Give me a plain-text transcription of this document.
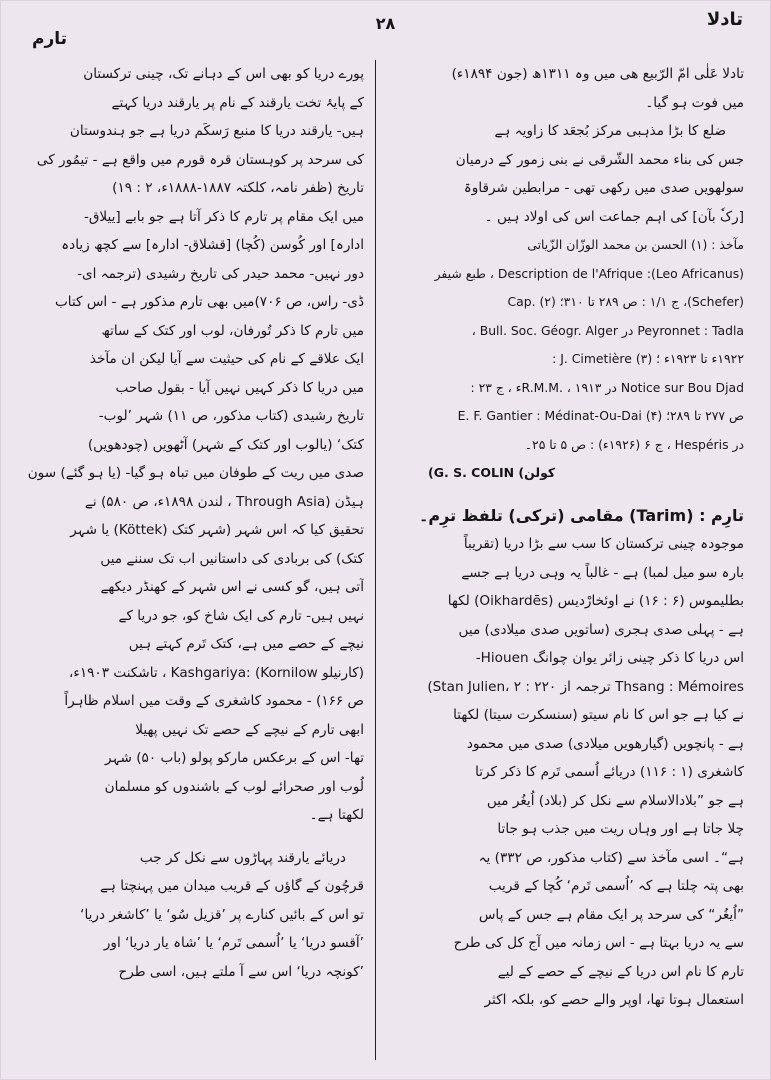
تادلا
۲۸
تارم

تادلا عَلٰی امّ الرّبیع ھی میں وہ ۱۳۱۱ھ (جون ۱۸۹۴ء)
میں فوت ہو گیا۔

ضلع کا بڑا مذہبی مرکز بُجعَد کا زاویہ ہے
جس کی بناء محمد الشّرقی نے بنی زمور کے درمیان
سولھویں صدی میں رکھی تھی - مرابطین شرقاوۃ
[رکٗ بآن] کی اہم جماعت اس کی اولاد ہیں ۔

مآخذ : (۱) الحسن بن محمد الوزّان الزّیاتی
(Leo Africanus): Description de l'Afrique ، طبع شیفر
(Schefer)، ج ۱/۱ : ص ۲۸۹ تا ۳۱۰؛ (۲) .Cap
Peyronnet : Tadla در Bull. Soc. Géogr. Alger ،
۱۹۲۲ء تا ۱۹۲۳ء ؛ (۳) J. Cimetière :
Notice sur Bou Djad در R.M.M. ، ۱۹۱۳ء ، ج ۲۳ :
ص ۲۷۷ تا ۲۸۹؛ (۴) E. F. Gantier : Médinat-Ou-Dai
در Hespéris ، ج ۶ (۱۹۲۶ء) : ص ۵ تا ۲۵۔

(G. S. COLIN (کولن

تارِم : (Tarim) مقامی (ترکی) تلفظ ترِم۔
موجودہ چینی ترکستان کا سب سے بڑا دریا (تقریباً
بارہ سو میل لمبا) ہے - غالباً یہ وہی دریا ہے جسے
بطلیموس (۶ : ۱۶) نے اوئخارْدیس (Oikhardēs) لکھا
ہے - پہلی صدی ہجری (ساتویں صدی میلادی) میں
اس دریا کا ذکر چینی زائر یوان چوانگ Hiouen-
Thsang : Mémoires ترجمہ از Stan Julien، ۲ : ۲۲۰)
نے کیا ہے جو اس کا نام سیتو (سنسکرت سیتا) لکھتا
ہے - پانچویں (گیارھویں میلادی) صدی میں محمود
کاشغری (۱ : ۱۱۶) دریائے اُسمی تَرم کا ذکر کرتا
ہے جو ”بلادالاسلام سے نکل کر (بلاد) اُیغُر میں
چلا جاتا ہے اور وہاں ریت میں جذب ہو جاتا
ہے“۔ اسی مآخذ سے (کتاب مذکور، ص ۳۳۲) یہ
بھی پتہ چلتا ہے کہ ’اُسمی تَرم‘ کُچا کے قریب
”اُیغُر“ کی سرحد پر ایک مقام ہے جس کے پاس
سے یہ دریا بہتا ہے - اس زمانہ میں آج کل کی طرح
تارم کا نام اس دریا کے نیچے کے حصے کے لیے
استعمال ہوتا تھا، اوپر والے حصے کو، بلکہ اکثر

پورے دریا کو بھی اس کے دہانے تک، چینی ترکستان
کے پایۂ تخت یارقند کے نام پر یارقند دریا کہتے
ہیں- یارقند دریا کا منبع رَسکَم دریا ہے جو ہندوستان
کی سرحد پر کوہستان قرہ قورم میں واقع ہے - تیمُور کی
تاریخ (ظفر نامہ، کلکتہ ۱۸۸۷-۱۸۸۸ء، ۲ : ۱۹)
میں ایک مقام پر تارم کا ذکر آتا ہے جو بابے [ییلاق-
ادارہ] اور کُوسن (کُچا) [قشلاق- ادارہ] سے کچھ زیادہ
دور نہیں- محمد حیدر کی تاریخ رشیدی (ترجمہ ای-
ڈی- راس، ص ۷۰۶)میں بھی تارم مذکور ہے - اس کتاب
میں تارم کا ذکر تُورفان، لوب اور کتک کے ساتھ
ایک علاقے کے نام کی حیثیت سے آیا لیکن ان مآخذ
میں دریا کا ذکر کہیں نہیں آیا - بقول صاحب
تاریخ رشیدی (کتاب مذکور، ص ۱۱) شہر ’لوب-
کتک‘ (یالوب اور کتک کے شہر) آٹھویں (چودھویں)
صدی میں ریت کے طوفان میں تباہ ہو گیا- (یا ہو گئے) سون
ہیڈن (Through Asia ، لندن ۱۸۹۸ء، ص ۵۸۰) نے
تحقیق کیا کہ اس شہر (شہر کتک (Köttek) یا شہر
کتک) کی بربادی کی داستانیں اب تک سننے میں
آتی ہیں، گو کسی نے اس شہر کے کھنڈر دیکھے
نہیں ہیں- تارم کی ایک شاخ کو، جو دریا کے
نیچے کے حصے میں ہے، کتک تَرم کہتے ہیں
(کارنیلو Kashgariya: (Kornilow ، تاشکنت ۱۹۰۳ء،
ص ۱۶۶) - محمود کاشغری کے وقت میں اسلام ظاہراً
ابھی تارم کے نیچے کے حصے تک نہیں پھیلا
تھا- اس کے برعکس مارکو پولو (باب ۵۰) شہر
لُوب اور صحرائے لوب کے باشندوں کو مسلمان
لکھتا ہے۔

دریائے یارقند پہاڑوں سے نکل کر جب
قرچُون کے گاؤں کے قریب میدان میں پہنچتا ہے
تو اس کے بائیں کنارے پر ’قزیل سُو‘ یا ’کاشغر دریا‘
’آقسو دریا‘ یا ’اُسمی تَرم‘ یا ’شاہ یار دریا‘ اور
’کونچہ دریا‘ اس سے آ ملتے ہیں، اسی طرح
